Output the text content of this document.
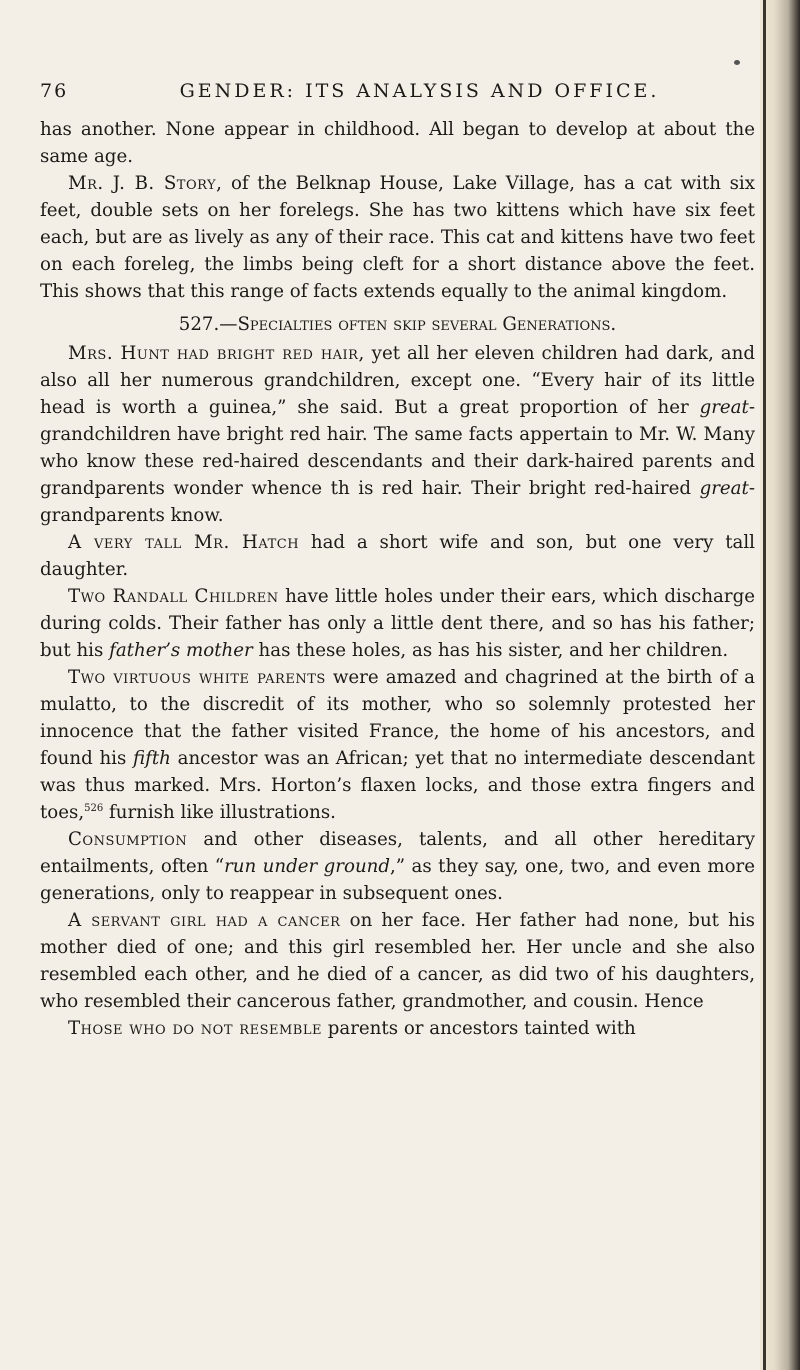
76	GENDER: ITS ANALYSIS AND OFFICE.

has another. None appear in childhood. All began to develop at about the same age.

Mr. J. B. Story, of the Belknap House, Lake Village, has a cat with six feet, double sets on her forelegs. She has two kittens which have six feet each, but are as lively as any of their race. This cat and kittens have two feet on each foreleg, the limbs being cleft for a short distance above the feet. This shows that this range of facts extends equally to the animal kingdom.

527.—Specialties often skip several Generations.

Mrs. Hunt had bright red hair, yet all her eleven children had dark, and also all her numerous grandchildren, except one. “Every hair of its little head is worth a guinea,” she said. But a great proportion of her great-grandchildren have bright red hair. The same facts appertain to Mr. W. Many who know these red-haired descendants and their dark-haired parents and grandparents wonder whence th is red hair. Their bright red-haired great-grandparents know.

A very tall Mr. Hatch had a short wife and son, but one very tall daughter.

Two Randall Children have little holes under their ears, which discharge during colds. Their father has only a little dent there, and so has his father; but his father’s mother has these holes, as has his sister, and her children.

Two virtuous white parents were amazed and chagrined at the birth of a mulatto, to the discredit of its mother, who so solemnly protested her innocence that the father visited France, the home of his ancestors, and found his fifth ancestor was an African; yet that no intermediate descendant was thus marked. Mrs. Horton’s flaxen locks, and those extra fingers and toes,$^{526}$ furnish like illustrations.

Consumption and other diseases, talents, and all other hereditary entailments, often “run under ground,” as they say, one, two, and even more generations, only to reappear in subsequent ones.

A servant girl had a cancer on her face. Her father had none, but his mother died of one; and this girl resembled her. Her uncle and she also resembled each other, and he died of a cancer, as did two of his daughters, who resembled their cancerous father, grandmother, and cousin. Hence

Those who do not resemble parents or ancestors tainted with
